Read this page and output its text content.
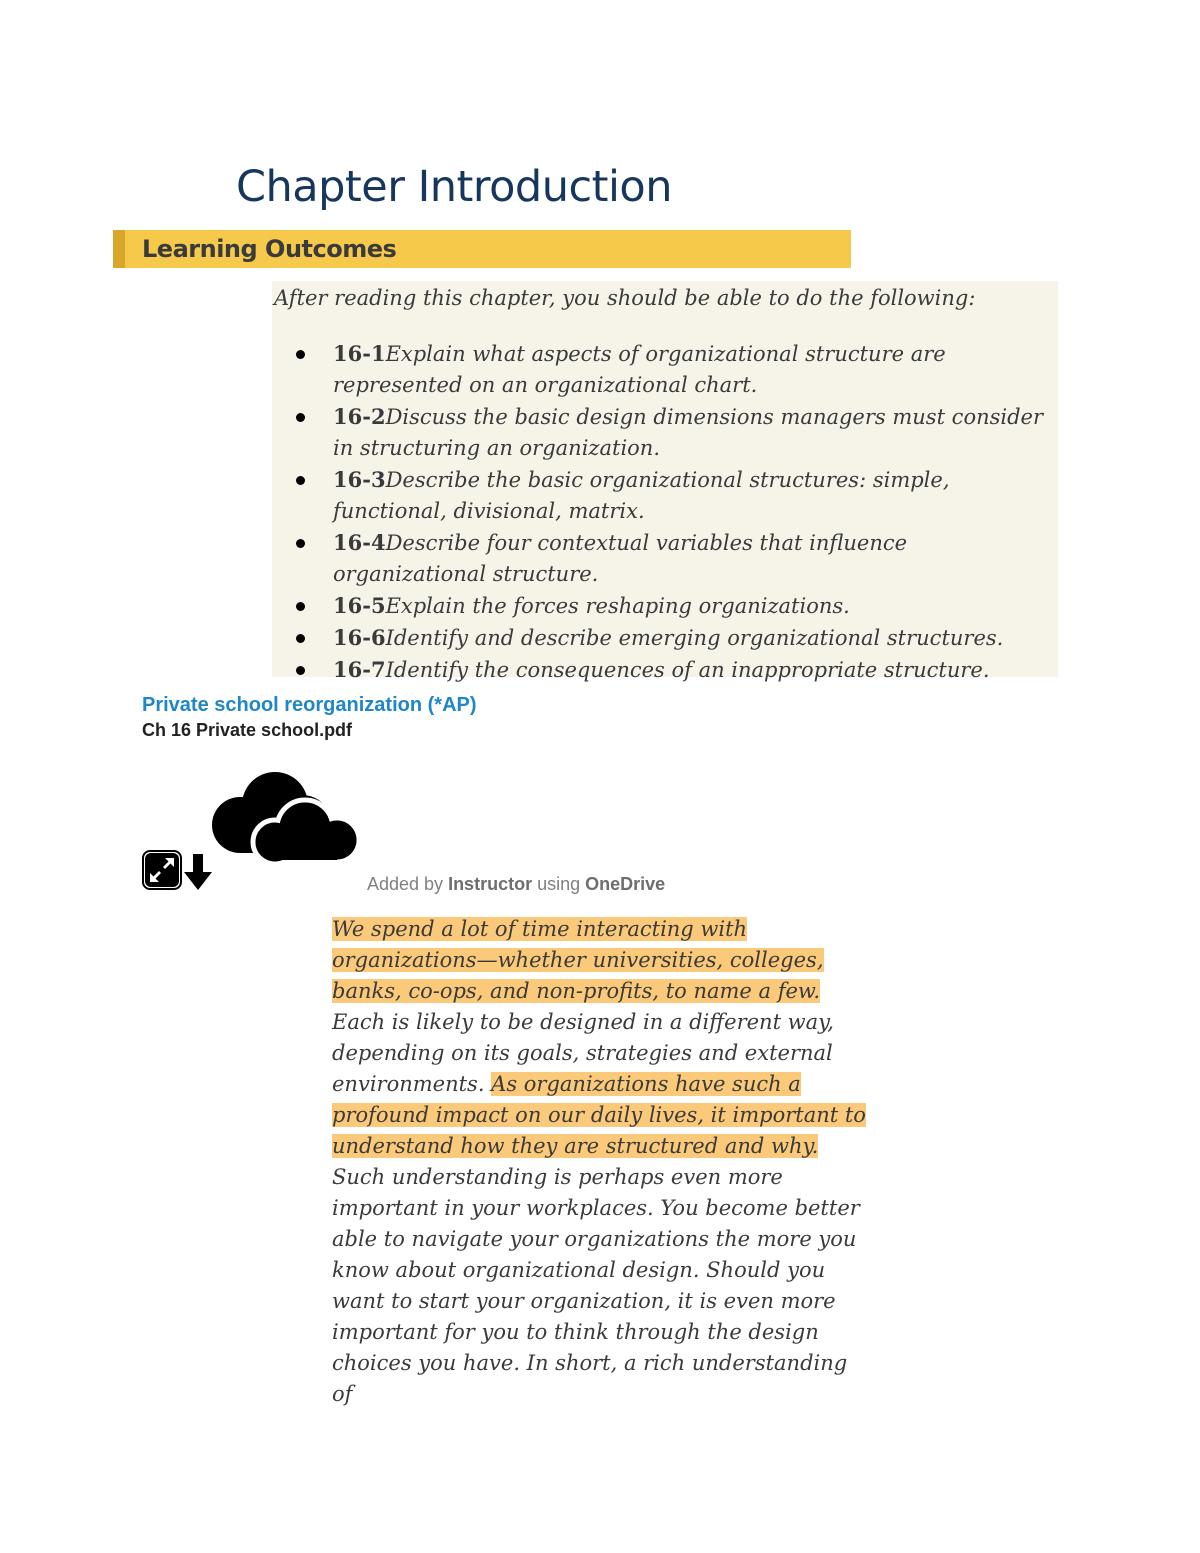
Chapter Introduction
Learning Outcomes
After reading this chapter, you should be able to do the following:
16-1Explain what aspects of organizational structure are represented on an organizational chart.
16-2Discuss the basic design dimensions managers must consider in structuring an organization.
16-3Describe the basic organizational structures: simple, functional, divisional, matrix.
16-4Describe four contextual variables that influence organizational structure.
16-5Explain the forces reshaping organizations.
16-6Identify and describe emerging organizational structures.
16-7Identify the consequences of an inappropriate structure.
Private school reorganization (*AP)
Ch 16 Private school.pdf
Added by Instructor using OneDrive
We spend a lot of time interacting with organizations—whether universities, colleges, banks, co-ops, and non-profits, to name a few. Each is likely to be designed in a different way, depending on its goals, strategies and external environments. As organizations have such a profound impact on our daily lives, it important to understand how they are structured and why. Such understanding is perhaps even more important in your workplaces. You become better able to navigate your organizations the more you know about organizational design. Should you want to start your organization, it is even more important for you to think through the design choices you have. In short, a rich understanding of
